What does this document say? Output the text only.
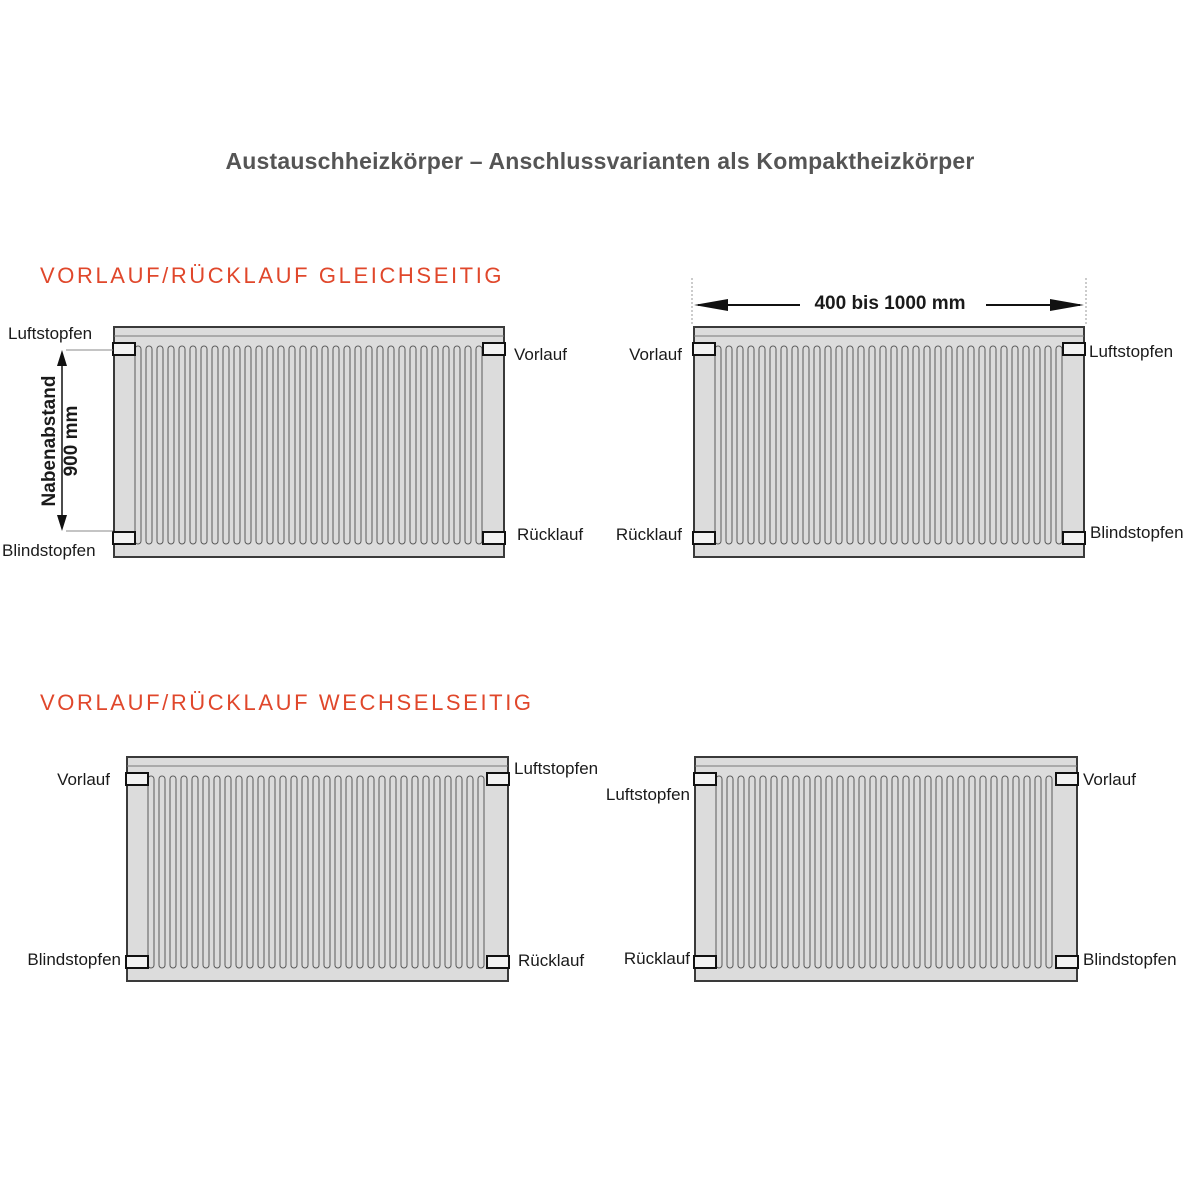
Austauschheizkörper – Anschlussvarianten als Kompaktheizkörper
VORLAUF/RÜCKLAUF GLEICHSEITIG
VORLAUF/RÜCKLAUF WECHSELSEITIG
Nabenabstand 900 mm
400 bis 1000 mm
Luftstopfen
Vorlauf
Blindstopfen
Rücklauf
Vorlauf	Luftstopfen
Rücklauf	Blindstopfen
Vorlauf
Luftstopfen
Blindstopfen	Rücklauf
Luftstopfen
Vorlauf
Rücklauf	Blindstopfen
